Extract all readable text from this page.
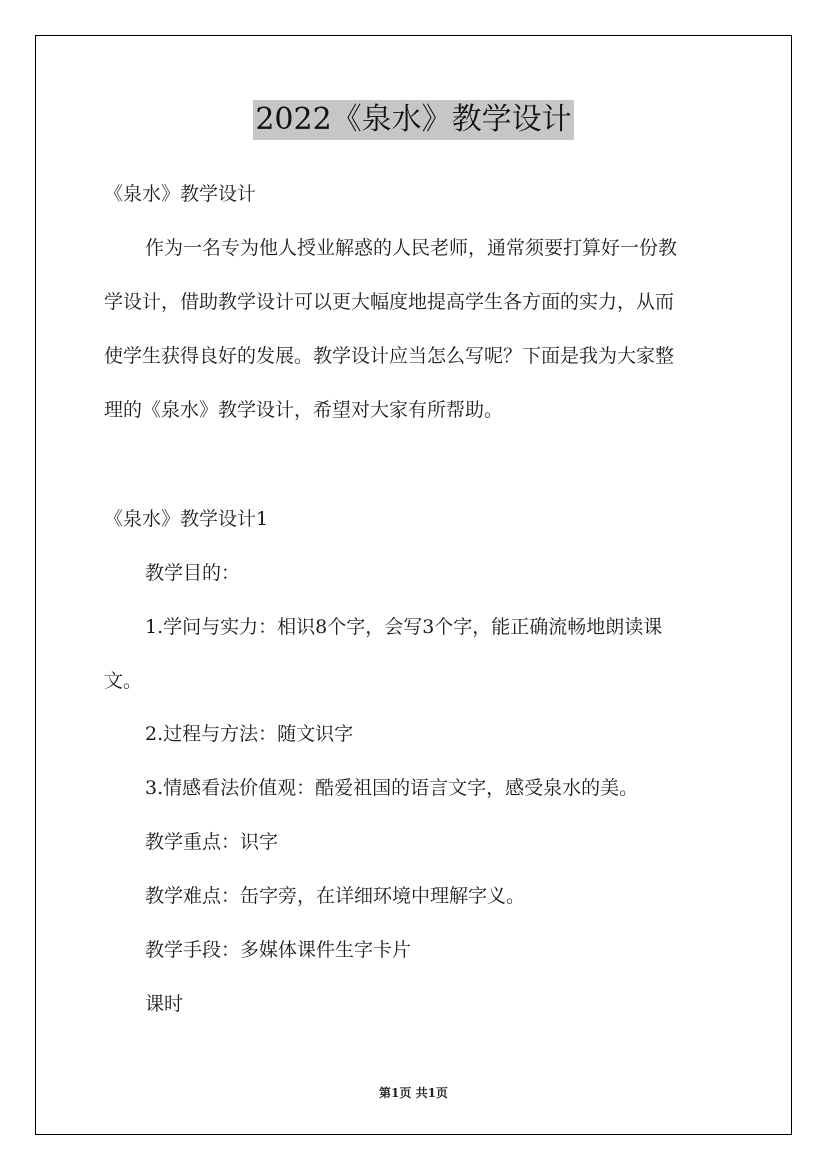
2022《泉水》教学设计
《泉水》教学设计
作为一名专为他人授业解惑的人民老师，通常须要打算好一份教
学设计，借助教学设计可以更大幅度地提高学生各方面的实力，从而
使学生获得良好的发展。教学设计应当怎么写呢？下面是我为大家整
理的《泉水》教学设计，希望对大家有所帮助。
《泉水》教学设计1
教学目的：
1.学问与实力：相识8个字，会写3个字，能正确流畅地朗读课
文。
2.过程与方法：随文识字
3.情感看法价值观：酷爱祖国的语言文字，感受泉水的美。
教学重点：识字
教学难点：缶字旁，在详细环境中理解字义。
教学手段：多媒体课件生字卡片
课时
第1页 共1页
